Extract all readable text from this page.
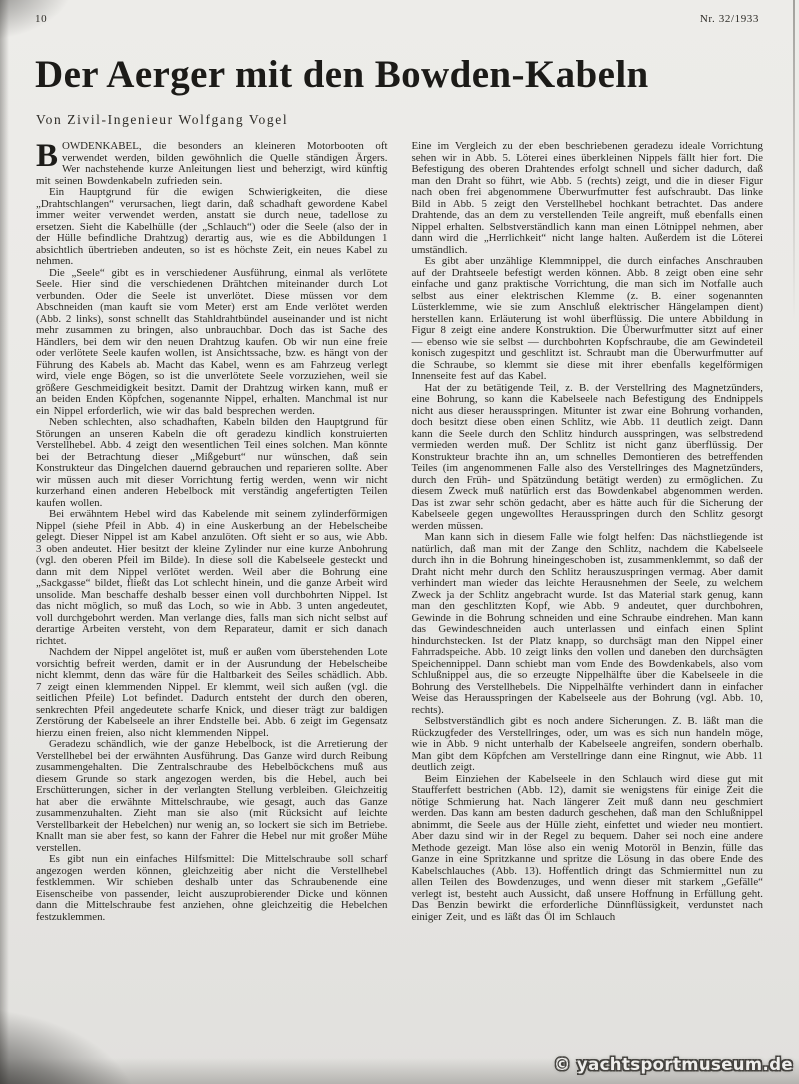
10	Nr. 32/1933
Der Aerger mit den Bowden-Kabeln
Von Zivil-Ingenieur Wolfgang Vogel

BOWDENKABEL, die besonders an kleineren Motorbooten oft verwendet werden, bilden gewöhnlich die Quelle ständigen Ärgers. Wer nachstehende kurze Anleitungen liest und beherzigt, wird künftig mit seinen Bowdenkabeln zufrieden sein.

Ein Hauptgrund für die ewigen Schwierigkeiten, die diese „Drahtschlangen“ verursachen, liegt darin, daß schadhaft gewordene Kabel immer weiter verwendet werden, anstatt sie durch neue, tadellose zu ersetzen. Sieht die Kabelhülle (der „Schlauch“) oder die Seele (also der in der Hülle befindliche Drahtzug) derartig aus, wie es die Abbildungen 1 absichtlich übertrieben andeuten, so ist es höchste Zeit, ein neues Kabel zu nehmen.

Die „Seele“ gibt es in verschiedener Ausführung, einmal als verlötete Seele. Hier sind die verschiedenen Drähtchen miteinander durch Lot verbunden. Oder die Seele ist unverlötet. Diese müssen vor dem Abschneiden (man kauft sie vom Meter) erst am Ende verlötet werden (Abb. 2 links), sonst schnellt das Stahldrahtbündel auseinander und ist nicht mehr zusammen zu bringen, also unbrauchbar. Doch das ist Sache des Händlers, bei dem wir den neuen Drahtzug kaufen. Ob wir nun eine freie oder verlötete Seele kaufen wollen, ist Ansichtssache, bzw. es hängt von der Führung des Kabels ab. Macht das Kabel, wenn es am Fahrzeug verlegt wird, viele enge Bögen, so ist die unverlötete Seele vorzuziehen, weil sie größere Geschmeidigkeit besitzt. Damit der Drahtzug wirken kann, muß er an beiden Enden Köpfchen, sogenannte Nippel, erhalten. Manchmal ist nur ein Nippel erforderlich, wie wir das bald besprechen werden.

Neben schlechten, also schadhaften, Kabeln bilden den Hauptgrund für Störungen an unseren Kabeln die oft geradezu kindlich konstruierten Verstellhebel. Abb. 4 zeigt den wesentlichen Teil eines solchen. Man könnte bei der Betrachtung dieser „Mißgeburt“ nur wünschen, daß sein Konstrukteur das Dingelchen dauernd gebrauchen und reparieren sollte. Aber wir müssen auch mit dieser Vorrichtung fertig werden, wenn wir nicht kurzerhand einen anderen Hebelbock mit verständig angefertigten Teilen kaufen wollen.

Bei erwähntem Hebel wird das Kabelende mit seinem zylinderförmigen Nippel (siehe Pfeil in Abb. 4) in eine Auskerbung an der Hebelscheibe gelegt. Dieser Nippel ist am Kabel anzulöten. Oft sieht er so aus, wie Abb. 3 oben andeutet. Hier besitzt der kleine Zylinder nur eine kurze Anbohrung (vgl. den oberen Pfeil im Bilde). In diese soll die Kabelseele gesteckt und dann mit dem Nippel verlötet werden. Weil aber die Bohrung eine „Sackgasse“ bildet, fließt das Lot schlecht hinein, und die ganze Arbeit wird unsolide. Man beschaffe deshalb besser einen voll durchbohrten Nippel. Ist das nicht möglich, so muß das Loch, so wie in Abb. 3 unten angedeutet, voll durchgebohrt werden. Man verlange dies, falls man sich nicht selbst auf derartige Arbeiten versteht, von dem Reparateur, damit er sich danach richtet.

Nachdem der Nippel angelötet ist, muß er außen vom überstehenden Lote vorsichtig befreit werden, damit er in der Ausrundung der Hebelscheibe nicht klemmt, denn das wäre für die Haltbarkeit des Seiles schädlich. Abb. 7 zeigt einen klemmenden Nippel. Er klemmt, weil sich außen (vgl. die seitlichen Pfeile) Lot befindet. Dadurch entsteht der durch den oberen, senkrechten Pfeil angedeutete scharfe Knick, und dieser trägt zur baldigen Zerstörung der Kabelseele an ihrer Endstelle bei. Abb. 6 zeigt im Gegensatz hierzu einen freien, also nicht klemmenden Nippel.

Geradezu schändlich, wie der ganze Hebelbock, ist die Arretierung der Verstellhebel bei der erwähnten Ausführung. Das Ganze wird durch Reibung zusammengehalten. Die Zentralschraube des Hebelböckchens muß aus diesem Grunde so stark angezogen werden, bis die Hebel, auch bei Erschütterungen, sicher in der verlangten Stellung verbleiben. Gleichzeitig hat aber die erwähnte Mittelschraube, wie gesagt, auch das Ganze zusammenzuhalten. Zieht man sie also (mit Rücksicht auf leichte Verstellbarkeit der Hebelchen) nur wenig an, so lockert sie sich im Betriebe. Knallt man sie aber fest, so kann der Fahrer die Hebel nur mit großer Mühe verstellen.

Es gibt nun ein einfaches Hilfsmittel: Die Mittelschraube soll scharf angezogen werden können, gleichzeitig aber nicht die Verstellhebel festklemmen. Wir schieben deshalb unter das Schraubenende eine Eisenscheibe von passender, leicht auszuprobierender Dicke und können dann die Mittelschraube fest anziehen, ohne gleichzeitig die Hebelchen festzuklemmen.

Eine im Vergleich zu der eben beschriebenen geradezu ideale Vorrichtung sehen wir in Abb. 5. Löterei eines überkleinen Nippels fällt hier fort. Die Befestigung des oberen Drahtendes erfolgt schnell und sicher dadurch, daß man den Draht so führt, wie Abb. 5 (rechts) zeigt, und die in dieser Figur nach oben frei abgenommene Überwurfmutter fest aufschraubt. Das linke Bild in Abb. 5 zeigt den Verstellhebel hochkant betrachtet. Das andere Drahtende, das an dem zu verstellenden Teile angreift, muß ebenfalls einen Nippel erhalten. Selbstverständlich kann man einen Lötnippel nehmen, aber dann wird die „Herrlichkeit“ nicht lange halten. Außerdem ist die Löterei umständlich.

Es gibt aber unzählige Klemmnippel, die durch einfaches Anschrauben auf der Drahtseele befestigt werden können. Abb. 8 zeigt oben eine sehr einfache und ganz praktische Vorrichtung, die man sich im Notfalle auch selbst aus einer elektrischen Klemme (z. B. einer sogenannten Lüsterklemme, wie sie zum Anschluß elektrischer Hängelampen dient) herstellen kann. Erläuterung ist wohl überflüssig. Die untere Abbildung in Figur 8 zeigt eine andere Konstruktion. Die Überwurfmutter sitzt auf einer — ebenso wie sie selbst — durchbohrten Kopfschraube, die am Gewindeteil konisch zugespitzt und geschlitzt ist. Schraubt man die Überwurfmutter auf die Schraube, so klemmt sie diese mit ihrer ebenfalls kegelförmigen Innenseite fest auf das Kabel.

Hat der zu betätigende Teil, z. B. der Verstellring des Magnetzünders, eine Bohrung, so kann die Kabelseele nach Befestigung des Endnippels nicht aus dieser herausspringen. Mitunter ist zwar eine Bohrung vorhanden, doch besitzt diese oben einen Schlitz, wie Abb. 11 deutlich zeigt. Dann kann die Seele durch den Schlitz hindurch ausspringen, was selbstredend vermieden werden muß. Der Schlitz ist nicht ganz überflüssig. Der Konstrukteur brachte ihn an, um schnelles Demontieren des betreffenden Teiles (im angenommenen Falle also des Verstellringes des Magnetzünders, durch den Früh- und Spätzündung betätigt werden) zu ermöglichen. Zu diesem Zweck muß natürlich erst das Bowdenkabel abgenommen werden. Das ist zwar sehr schön gedacht, aber es hätte auch für die Sicherung der Kabelseele gegen ungewolltes Herausspringen durch den Schlitz gesorgt werden müssen.

Man kann sich in diesem Falle wie folgt helfen: Das nächstliegende ist natürlich, daß man mit der Zange den Schlitz, nachdem die Kabelseele durch ihn in die Bohrung hineingeschoben ist, zusammenklemmt, so daß der Draht nicht mehr durch den Schlitz herauszuspringen vermag. Aber damit verhindert man wieder das leichte Herausnehmen der Seele, zu welchem Zweck ja der Schlitz angebracht wurde. Ist das Material stark genug, kann man den geschlitzten Kopf, wie Abb. 9 andeutet, quer durchbohren, Gewinde in die Bohrung schneiden und eine Schraube eindrehen. Man kann das Gewindeschneiden auch unterlassen und einfach einen Splint hindurchstecken. Ist der Platz knapp, so durchsägt man den Nippel einer Fahrradspeiche. Abb. 10 zeigt links den vollen und daneben den durchsägten Speichennippel. Dann schiebt man vom Ende des Bowdenkabels, also vom Schlußnippel aus, die so erzeugte Nippelhälfte über die Kabelseele in die Bohrung des Verstellhebels. Die Nippelhälfte verhindert dann in einfacher Weise das Herausspringen der Kabelseele aus der Bohrung (vgl. Abb. 10, rechts).

Selbstverständlich gibt es noch andere Sicherungen. Z. B. läßt man die Rückzugfeder des Verstellringes, oder, um was es sich nun handeln möge, wie in Abb. 9 nicht unterhalb der Kabelseele angreifen, sondern oberhalb. Man gibt dem Köpfchen am Verstellringe dann eine Ringnut, wie Abb. 11 deutlich zeigt.

Beim Einziehen der Kabelseele in den Schlauch wird diese gut mit Staufferfett bestrichen (Abb. 12), damit sie wenigstens für einige Zeit die nötige Schmierung hat. Nach längerer Zeit muß dann neu geschmiert werden. Das kann am besten dadurch geschehen, daß man den Schlußnippel abnimmt, die Seele aus der Hülle zieht, einfettet und wieder neu montiert. Aber dazu sind wir in der Regel zu bequem. Daher sei noch eine andere Methode gezeigt. Man löse also ein wenig Motoröl in Benzin, fülle das Ganze in eine Spritzkanne und spritze die Lösung in das obere Ende des Kabelschlauches (Abb. 13). Hoffentlich dringt das Schmiermittel nun zu allen Teilen des Bowdenzuges, und wenn dieser mit starkem „Gefälle“ verlegt ist, besteht auch Aussicht, daß unsere Hoffnung in Erfüllung geht. Das Benzin bewirkt die erforderliche Dünnflüssigkeit, verdunstet nach einiger Zeit, und es läßt das Öl im Schlauch

© yachtsportmuseum.de
